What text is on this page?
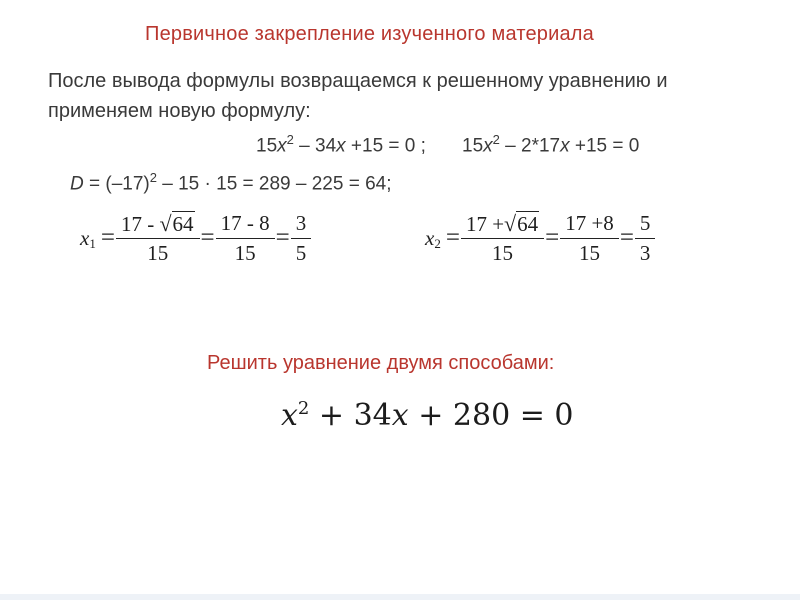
Первичное закрепление изученного материала
После вывода формулы возвращаемся к решенному уравнению и
применяем новую формулу:
$15x^2 - 34x +15 = 0$ ; $15x^2 - 2*17x +15 = 0$
$D = (-17)^2 - 15 \cdot 15 = 289 - 225 = 64$;
x $1 = \frac{17 - √ 64}{15} = \frac{17 - 8}{15} = \frac{3}{5}$	x $2 = \frac{17 + √ 64}{15} = \frac{17 +8}{15} = \frac{5}{3}$
Решить уравнение двумя способами:
$x^2 + 34x + 280 = 0$
